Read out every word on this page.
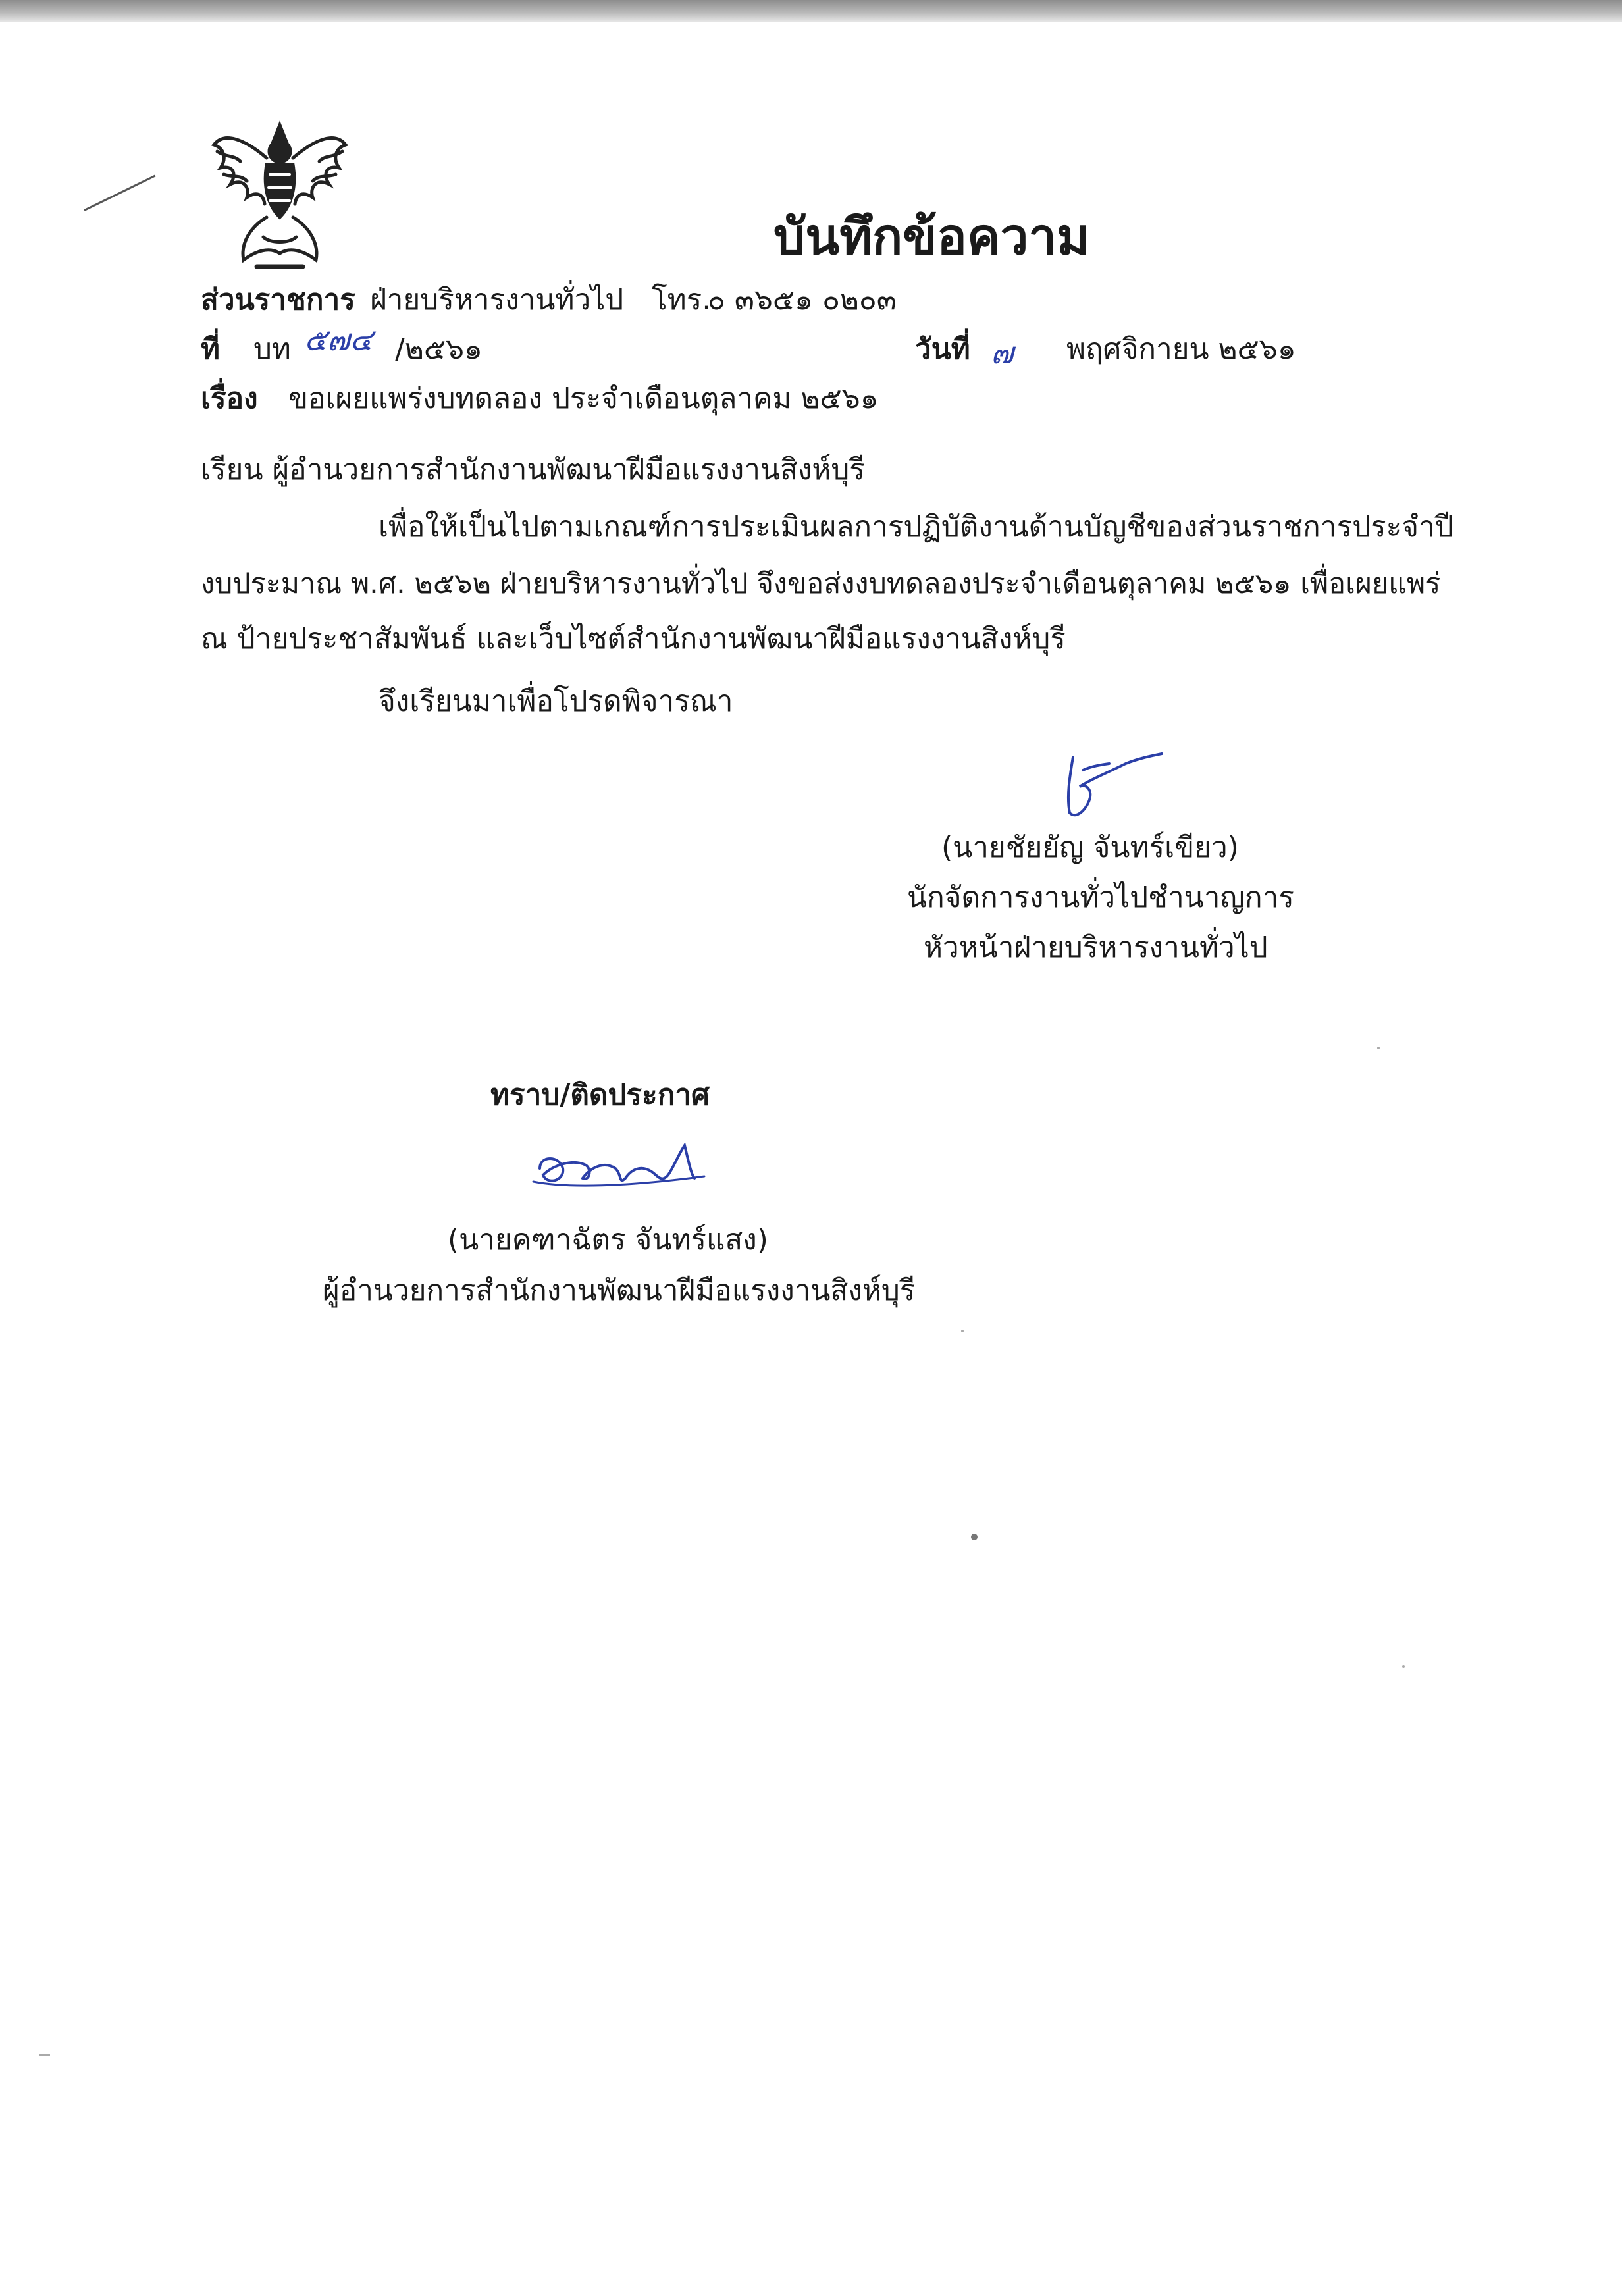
บันทึกข้อความ
ส่วนราชการ ฝ่ายบริหารงานทั่วไป โทร.
๐ ๓๖๕๑ ๐๒๐๓
ที่ บท ๕๗๔ /๒๕๖๑	วันที่ ๗ พฤศจิกายน ๒๕๖๑
เรื่อง ขอเผยแพร่งบทดลอง ประจำเดือนตุลาคม ๒๕๖๑
เรียน ผู้อำนวยการสำนักงานพัฒนาฝีมือแรงงานสิงห์บุรี
เพื่อให้เป็นไปตามเกณฑ์การประเมินผลการปฏิบัติงานด้านบัญชีของส่วนราชการประจำปี
งบประมาณ พ.ศ. ๒๕๖๒ ฝ่ายบริหารงานทั่วไป จึงขอส่งงบทดลองประจำเดือนตุลาคม ๒๕๖๑ เพื่อเผยแพร่
ณ ป้ายประชาสัมพันธ์ และเว็บไซต์สำนักงานพัฒนาฝีมือแรงงานสิงห์บุรี
จึงเรียนมาเพื่อโปรดพิจารณา
(นายชัยยัญ จันทร์เขียว)
นักจัดการงานทั่วไปชำนาญการ
หัวหน้าฝ่ายบริหารงานทั่วไป
ทราบ/ติดประกาศ
(นายคฑาฉัตร จันทร์แสง)
ผู้อำนวยการสำนักงานพัฒนาฝีมือแรงงานสิงห์บุรี
